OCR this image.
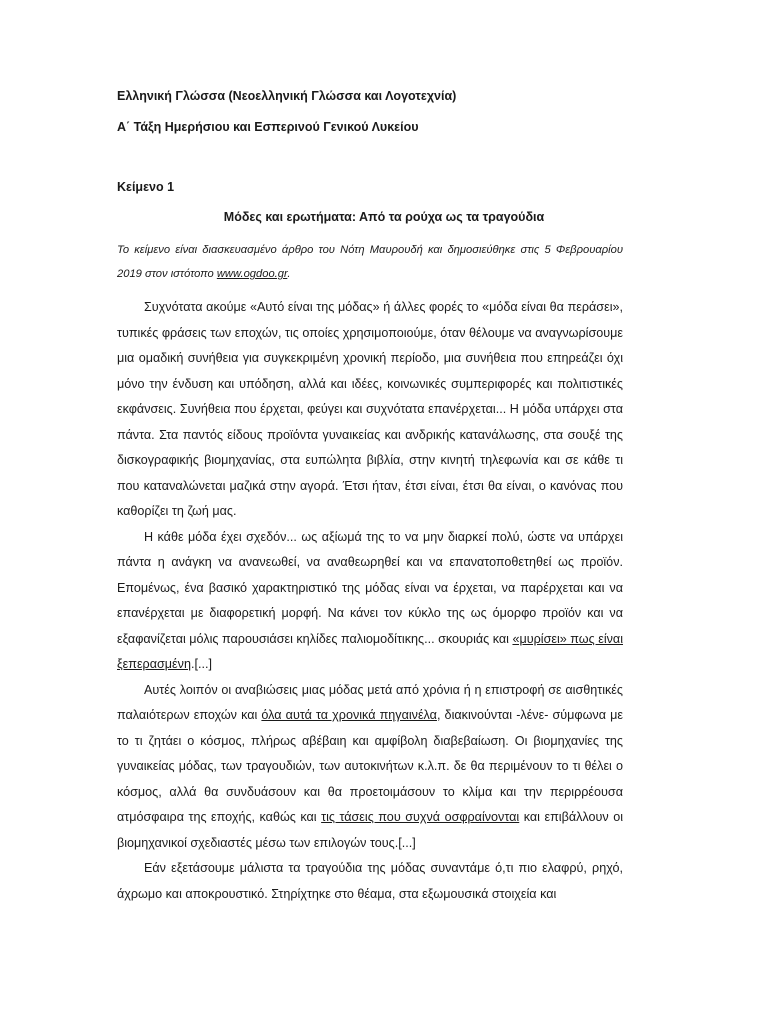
Ελληνική Γλώσσα (Νεοελληνική Γλώσσα και Λογοτεχνία)
Α΄ Τάξη Ημερήσιου και Εσπερινού Γενικού Λυκείου
Κείμενο 1
Μόδες και ερωτήματα: Από τα ρούχα ως τα τραγούδια
Το κείμενο είναι διασκευασμένο άρθρο του Νότη Μαυρουδή και δημοσιεύθηκε στις 5 Φεβρουαρίου 2019 στον ιστότοπο www.ogdoo.gr.

Συχνότατα ακούμε «Αυτό είναι της μόδας» ή άλλες φορές το «μόδα είναι θα περάσει», τυπικές φράσεις των εποχών, τις οποίες χρησιμοποιούμε, όταν θέλουμε να αναγνωρίσουμε μια ομαδική συνήθεια για συγκεκριμένη χρονική περίοδο, μια συνήθεια που επηρεάζει όχι μόνο την ένδυση και υπόδηση, αλλά και ιδέες, κοινωνικές συμπεριφορές και πολιτιστικές εκφάνσεις. Συνήθεια που έρχεται, φεύγει και συχνότατα επανέρχεται... Η μόδα υπάρχει στα πάντα. Στα παντός είδους προϊόντα γυναικείας και ανδρικής κατανάλωσης, στα σουξέ της δισκογραφικής βιομηχανίας, στα ευπώλητα βιβλία, στην κινητή τηλεφωνία και σε κάθε τι που καταναλώνεται μαζικά στην αγορά. Έτσι ήταν, έτσι είναι, έτσι θα είναι, ο κανόνας που καθορίζει τη ζωή μας.

Η κάθε μόδα έχει σχεδόν... ως αξίωμά της το να μην διαρκεί πολύ, ώστε να υπάρχει πάντα η ανάγκη να ανανεωθεί, να αναθεωρηθεί και να επανατοποθετηθεί ως προϊόν. Επομένως, ένα βασικό χαρακτηριστικό της μόδας είναι να έρχεται, να παρέρχεται και να επανέρχεται με διαφορετική μορφή. Να κάνει τον κύκλο της ως όμορφο προϊόν και να εξαφανίζεται μόλις παρουσιάσει κηλίδες παλιομοδίτικης... σκουριάς και «μυρίσει» πως είναι ξεπερασμένη.[...]

Αυτές λοιπόν οι αναβιώσεις μιας μόδας μετά από χρόνια ή η επιστροφή σε αισθητικές παλαιότερων εποχών και όλα αυτά τα χρονικά πηγαινέλα, διακινούνται -λένε- σύμφωνα με το τι ζητάει ο κόσμος, πλήρως αβέβαιη και αμφίβολη διαβεβαίωση. Οι βιομηχανίες της γυναικείας μόδας, των τραγουδιών, των αυτοκινήτων κ.λ.π. δε θα περιμένουν το τι θέλει ο κόσμος, αλλά θα συνδυάσουν και θα προετοιμάσουν το κλίμα και την περιρρέουσα ατμόσφαιρα της εποχής, καθώς και τις τάσεις που συχνά οσφραίνονται και επιβάλλουν οι βιομηχανικοί σχεδιαστές μέσω των επιλογών τους.[...]

Εάν εξετάσουμε μάλιστα τα τραγούδια της μόδας συναντάμε ό,τι πιο ελαφρύ, ρηχό, άχρωμο και αποκρουστικό. Στηρίχτηκε στο θέαμα, στα εξωμουσικά στοιχεία και
